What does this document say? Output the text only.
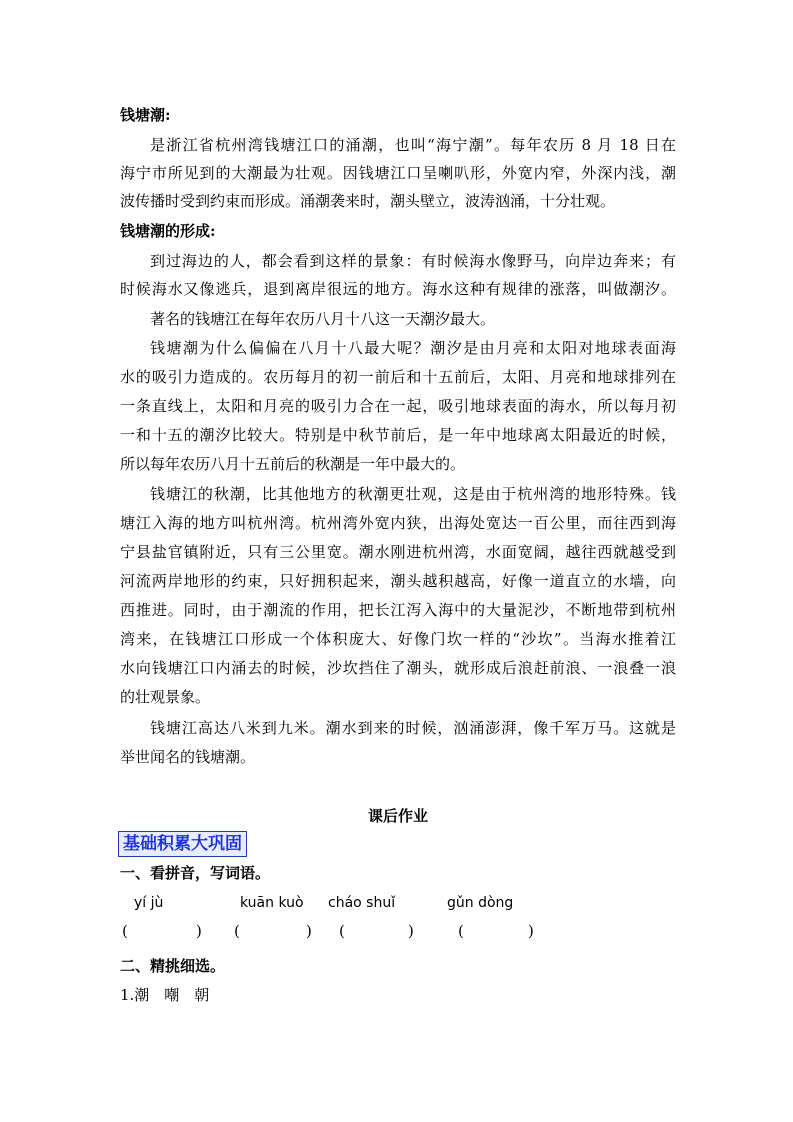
钱塘潮:
是浙江省杭州湾钱塘江口的涌潮，也叫“海宁潮”。每年农历 8 月 18 日在
海宁市所见到的大潮最为壮观。因钱塘江口呈喇叭形，外宽内窄，外深内浅，潮
波传播时受到约束而形成。涌潮袭来时，潮头壁立，波涛汹涌，十分壮观。
钱塘潮的形成:
到过海边的人，都会看到这样的景象：有时候海水像野马，向岸边奔来；有
时候海水又像逃兵，退到离岸很远的地方。海水这种有规律的涨落，叫做潮汐。
著名的钱塘江在每年农历八月十八这一天潮汐最大。
钱塘潮为什么偏偏在八月十八最大呢？潮汐是由月亮和太阳对地球表面海
水的吸引力造成的。农历每月的初一前后和十五前后，太阳、月亮和地球排列在
一条直线上，太阳和月亮的吸引力合在一起，吸引地球表面的海水，所以每月初
一和十五的潮汐比较大。特别是中秋节前后，是一年中地球离太阳最近的时候，
所以每年农历八月十五前后的秋潮是一年中最大的。
钱塘江的秋潮，比其他地方的秋潮更壮观，这是由于杭州湾的地形特殊。钱
塘江入海的地方叫杭州湾。杭州湾外宽内狭，出海处宽达一百公里，而往西到海
宁县盐官镇附近，只有三公里宽。潮水刚进杭州湾，水面宽阔，越往西就越受到
河流两岸地形的约束，只好拥积起来，潮头越积越高，好像一道直立的水墙，向
西推进。同时，由于潮流的作用，把长江泻入海中的大量泥沙，不断地带到杭州
湾来，在钱塘江口形成一个体积庞大、好像门坎一样的“沙坎”。当海水推着江
水向钱塘江口内涌去的时候，沙坎挡住了潮头，就形成后浪赶前浪、一浪叠一浪
的壮观景象。
钱塘江高达八米到九米。潮水到来的时候，汹涌澎湃，像千军万马。这就是
举世闻名的钱塘潮。
课后作业
基础积累大巩固
一、看拼音，写词语。
yí jù	kuān kuò cháo shuǐ	gǔn dòng
(	) (	) (	)	(	)
二、精挑细选。
1.潮　嘲　朝
